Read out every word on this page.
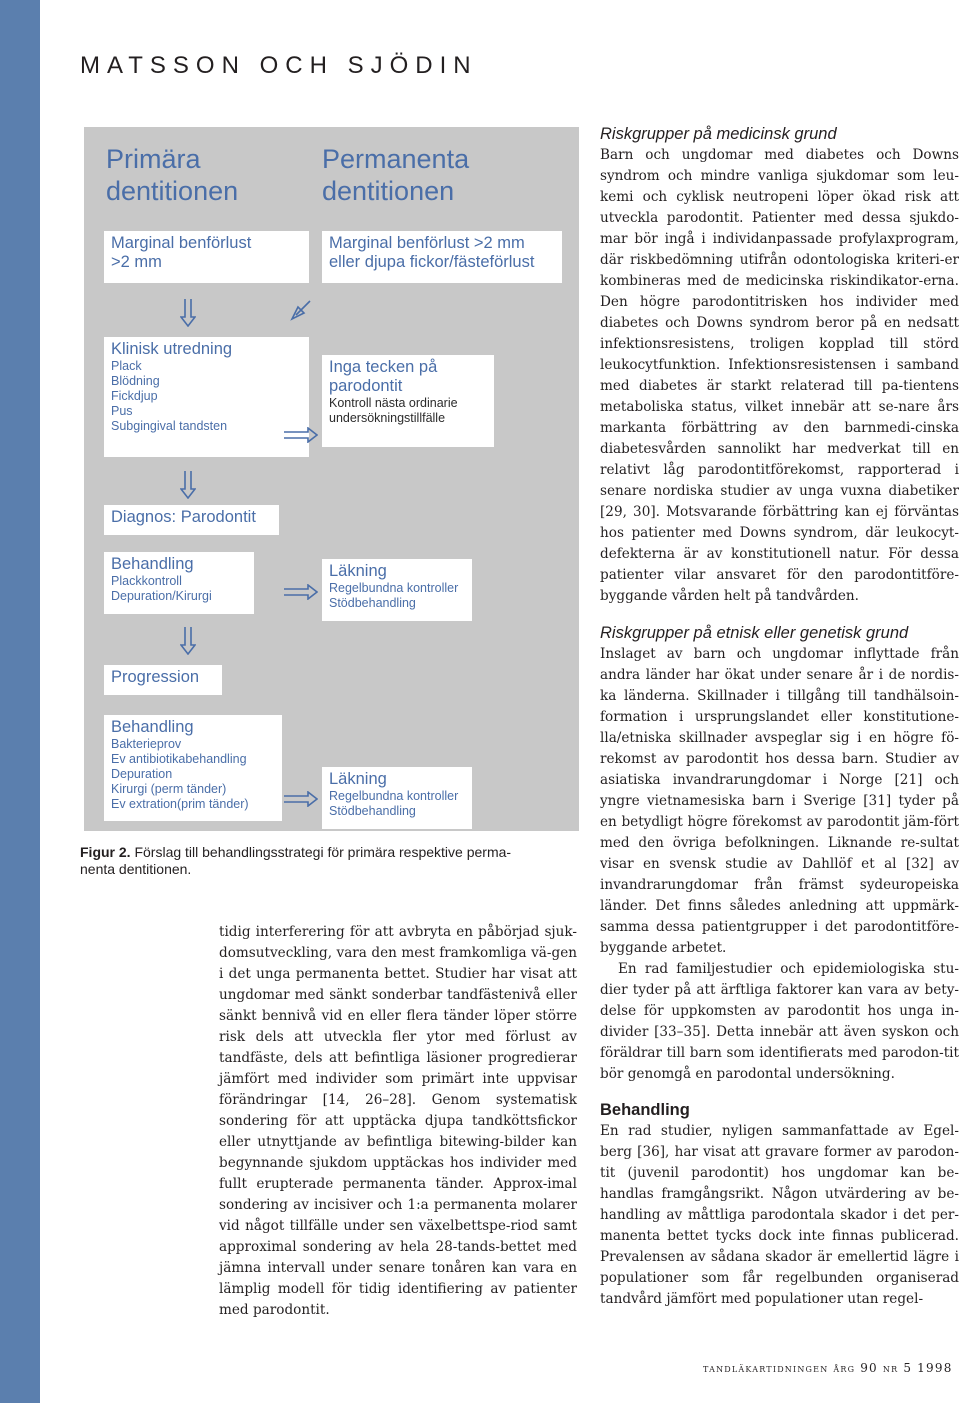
MATSSON OCH SJÖDIN
Primära
dentitionen
Permanenta
dentitionen
Marginal benförlust
>2 mm
Klinisk utredning
Plack
Blödning
Fickdjup
Pus
Subgingival tandsten
Diagnos: Parodontit
Behandling
Plackkontroll
Depuration/Kirurgi
Progression
Behandling
Bakterieprov
Ev antibiotikabehandling
Depuration
Kirurgi (perm tänder)
Ev extration(prim tänder)
Marginal benförlust >2 mm
eller djupa fickor/fästeförlust
Inga tecken på
parodontit
Kontroll nästa ordinarie
undersökningstillfälle
Läkning
Regelbundna kontroller
Stödbehandling
Läkning
Regelbundna kontroller
Stödbehandling
Figur 2. Förslag till behandlingsstrategi för primära respektive perma-
nenta dentitionen.

tidig interferering för att avbryta en påbörjad sjuk-domsutveckling, vara den mest framkomliga vä-gen i det unga permanenta bettet. Studier har visat att ungdomar med sänkt sonderbar tandfästenivå eller sänkt bennivå vid en eller flera tänder löper större risk dels att utveckla fler ytor med förlust av tandfäste, dels att befintliga läsioner progredierar jämfört med individer som primärt inte uppvisar förändringar [14, 26–28]. Genom systematisk sondering för att upptäcka djupa tandköttsfickor eller utnyttjande av befintliga bitewing-bilder kan begynnande sjukdom upptäckas hos individer med fullt erupterade permanenta tänder. Approx-imal sondering av incisiver och 1:a permanenta molarer vid något tillfälle under sen växelbettspe-riod samt approximal sondering av hela 28-tands-bettet med jämna intervall under senare tonåren kan vara en lämplig modell för tidig identifiering av patienter med parodontit.

Riskgrupper på medicinsk grund

Barn och ungdomar med diabetes och Downs syndrom och mindre vanliga sjukdomar som leu-kemi och cyklisk neutropeni löper ökad risk att utveckla parodontit. Patienter med dessa sjukdo-mar bör ingå i individanpassade profylaxprogram, där riskbedömning utifrån odontologiska kriteri-er kombineras med de medicinska riskindikator-erna. Den högre parodontitrisken hos individer med diabetes och Downs syndrom beror på en nedsatt infektionsresistens, troligen kopplad till störd leukocytfunktion. Infektionsresistensen i samband med diabetes är starkt relaterad till pa-tientens metaboliska status, vilket innebär att se-nare års markanta förbättring av den barnmedi-cinska diabetesvården sannolikt har medverkat till en relativt låg parodontitförekomst, rapporterad i senare nordiska studier av unga vuxna diabetiker [29, 30]. Motsvarande förbättring kan ej förväntas hos patienter med Downs syndrom, där leukocyt-defekterna är av konstitutionell natur. För dessa patienter vilar ansvaret för den parodontitföre-byggande vården helt på tandvården.

Riskgrupper på etnisk eller genetisk grund

Inslaget av barn och ungdomar inflyttade från andra länder har ökat under senare år i de nordis-ka länderna. Skillnader i tillgång till tandhälsoin-formation i ursprungslandet eller konstitutione-lla/etniska skillnader avspeglar sig i en högre fö-rekomst av parodontit hos dessa barn. Studier av asiatiska invandrarungdomar i Norge [21] och yngre vietnamesiska barn i Sverige [31] tyder på en betydligt högre förekomst av parodontit jäm-fört med den övriga befolkningen. Liknande re-sultat visar en svensk studie av Dahllöf et al [32] av invandrarungdomar från främst sydeuropeiska länder. Det finns således anledning att uppmärk-samma dessa patientgrupper i det parodontitföre-byggande arbetet.

En rad familjestudier och epidemiologiska stu-dier tyder på att ärftliga faktorer kan vara av bety-delse för uppkomsten av parodontit hos unga in-divider [33–35]. Detta innebär att även syskon och föräldrar till barn som identifierats med parodon-tit bör genomgå en parodontal undersökning.

Behandling

En rad studier, nyligen sammanfattade av Egel-berg [36], har visat att gravare former av parodon-tit (juvenil parodontit) hos ungdomar kan be-handlas framgångsrikt. Någon utvärdering av be-handling av måttliga parodontala skador i det per-manenta bettet tycks dock inte finnas publicerad. Prevalensen av sådana skador är emellertid lägre i populationer som får regelbunden organiserad tandvård jämfört med populationer utan regel-

tandläkartidningen årg 90 nr 5 1998
